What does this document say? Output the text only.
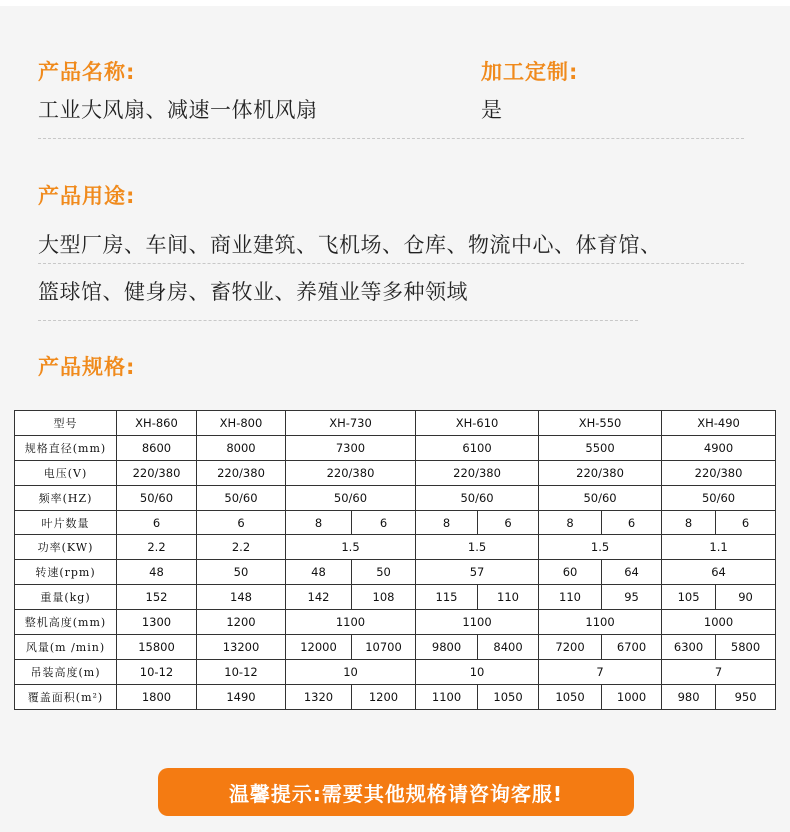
产品名称:
工业大风扇、减速一体机风扇
加工定制:
是
产品用途:
大型厂房、车间、商业建筑、飞机场、仓库、物流中心、体育馆、
篮球馆、健身房、畜牧业、养殖业等多种领域
产品规格:
型号	XH-860	XH-800	XH-730		XH-610		XH-550		XH-490	
规格直径(mm)	8600	8000	7300		6100		5500		4900	
电压(V)	220/380	220/380	220/380		220/380		220/380		220/380	
频率(HZ)	50/60	50/60	50/60		50/60		50/60		50/60	
叶片数量	6	6	8	6	8	6	8	6	8	6
功率(KW)	2.2	2.2	1.5		1.5		1.5		1.1	
转速(rpm)	48	50	48	50	57		60	64	64	
重量(kg)	152	148	142	108	115	110	110	95	105	90
整机高度(mm)	1300	1200	1100		1100		1100		1000	
风量(m /min)	15800	13200	12000	10700	9800	8400	7200	6700	6300	5800
吊装高度(m)	10-12	10-12	10		10		7		7	
覆盖面积(m²)	1800	1490	1320	1200	1100	1050	1050	1000	980	950
温馨提示:需要其他规格请咨询客服!
